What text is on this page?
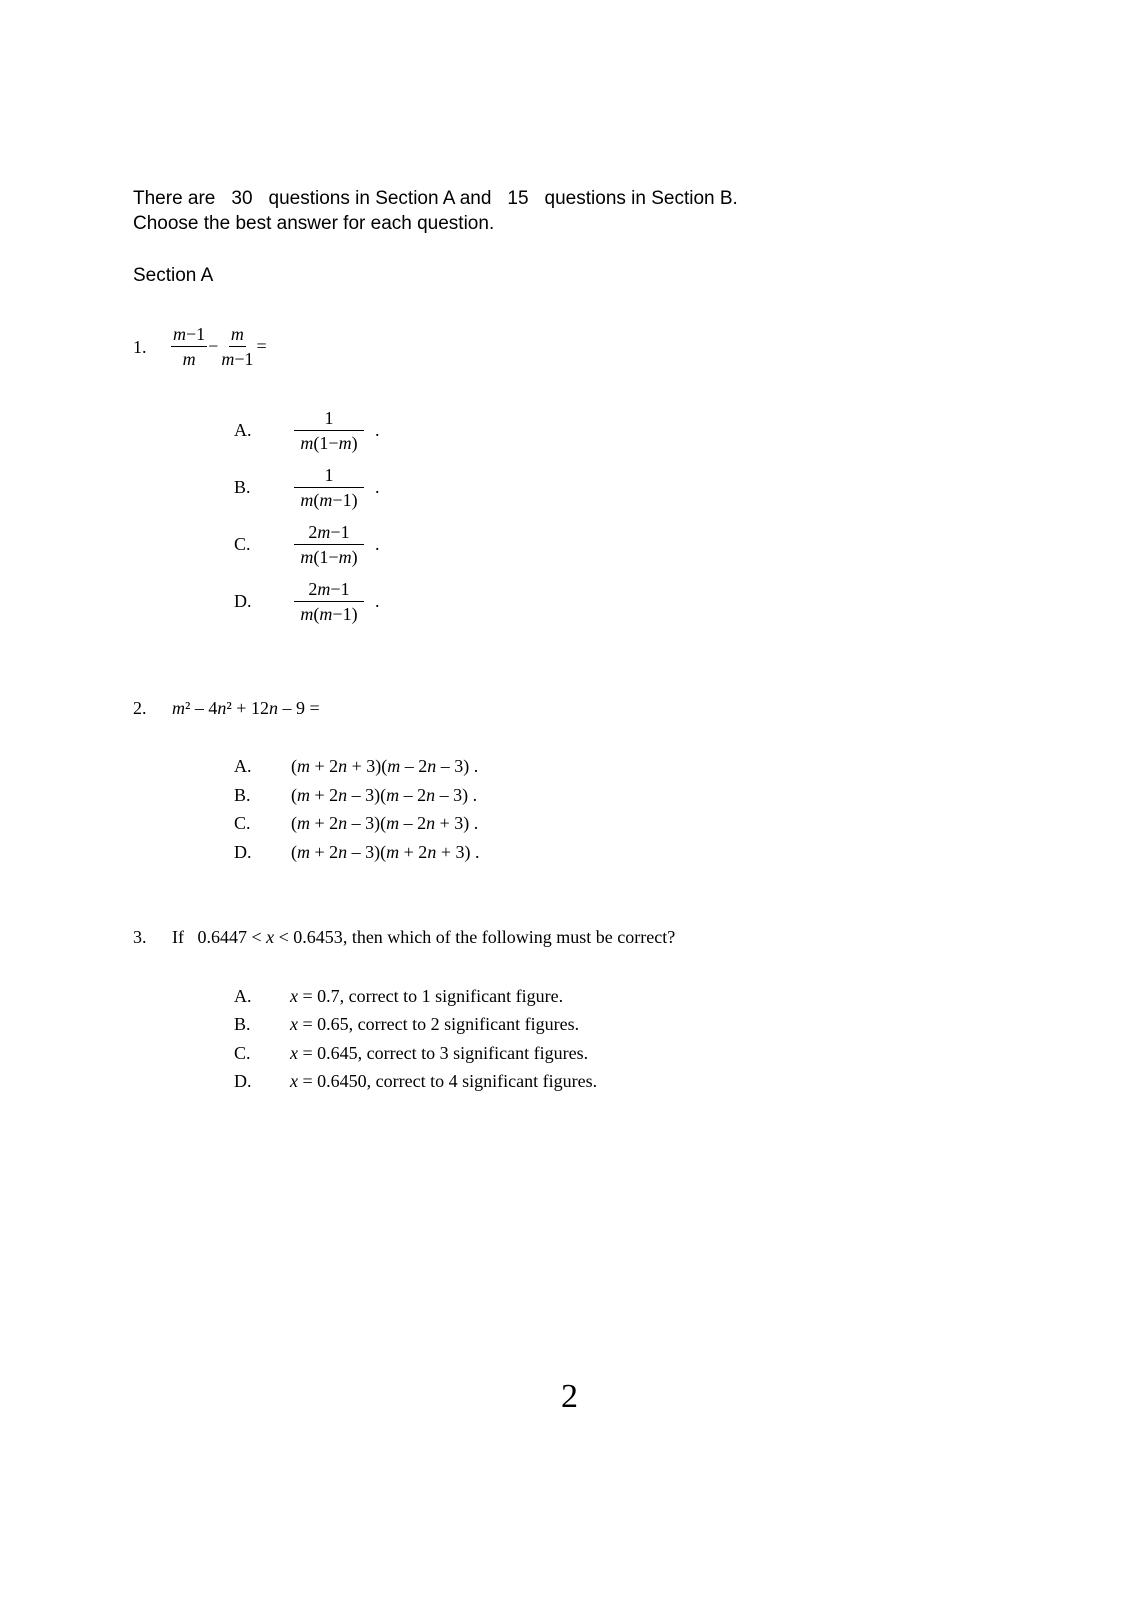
There are 30 questions in Section A and 15 questions in Section B.
Choose the best answer for each question.
Section A
1. $\frac{m-1}{m} - \frac{m}{m-1}$ =
A.	$\frac{1}{m(1-m)}$ .
B.	$\frac{1}{m(m-1)}$ .
C.	$\frac{2m-1}{m(1-m)}$ .
D.	$\frac{2m-1}{m(m-1)}$ .
2. m² – 4n² + 12n – 9 =
A. (m + 2n + 3)(m – 2n – 3) .
B. (m + 2n – 3)(m – 2n – 3) .
C. (m + 2n – 3)(m – 2n + 3) .
D. (m + 2n – 3)(m + 2n + 3) .
3. If 0.6447 < x < 0.6453, then which of the following must be correct?
A. x = 0.7, correct to 1 significant figure.
B. x = 0.65, correct to 2 significant figures.
C. x = 0.645, correct to 3 significant figures.
D. x = 0.6450, correct to 4 significant figures.
2
